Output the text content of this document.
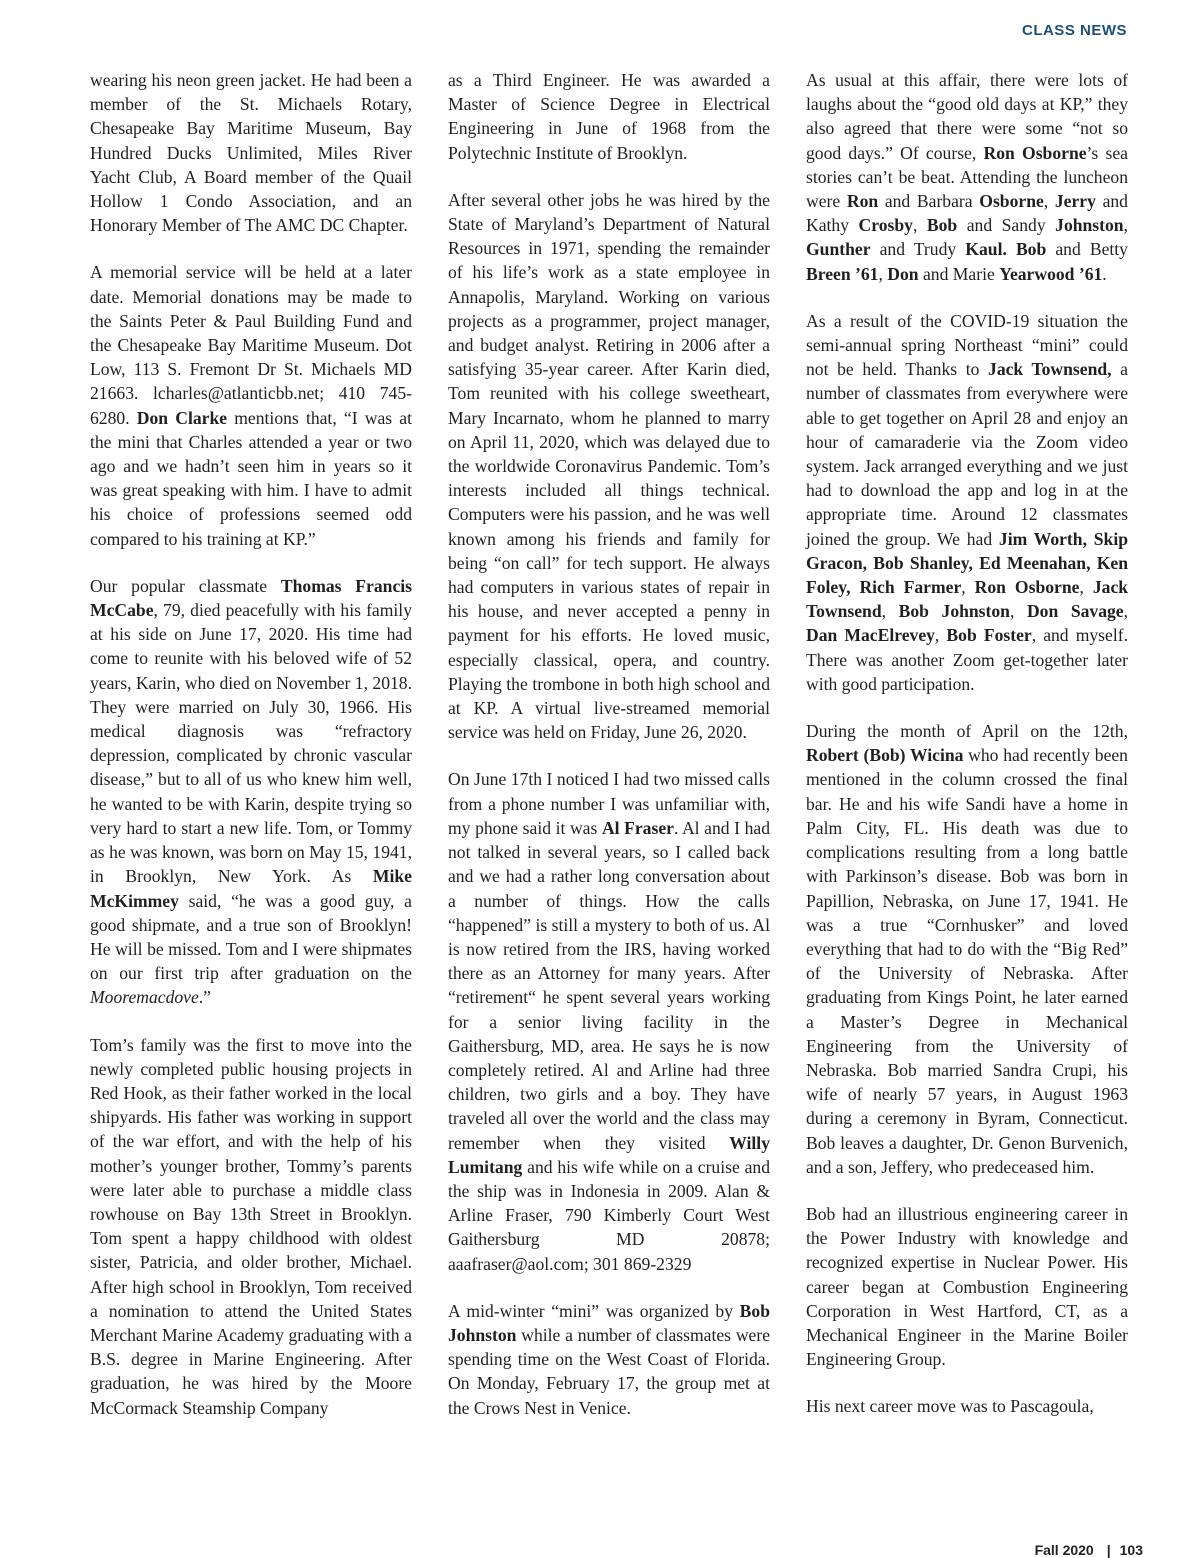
CLASS NEWS

wearing his neon green jacket. He had been a member of the St. Michaels Rotary, Chesapeake Bay Maritime Museum, Bay Hundred Ducks Unlimited, Miles River Yacht Club, A Board member of the Quail Hollow 1 Condo Association, and an Honorary Member of The AMC DC Chapter.

A memorial service will be held at a later date. Memorial donations may be made to the Saints Peter & Paul Building Fund and the Chesapeake Bay Maritime Museum. Dot Low, 113 S. Fremont Dr St. Michaels MD 21663. lcharles@atlanticbb.net; 410 745-6280. Don Clarke mentions that, “I was at the mini that Charles attended a year or two ago and we hadn’t seen him in years so it was great speaking with him. I have to admit his choice of professions seemed odd compared to his training at KP.”

Our popular classmate Thomas Francis McCabe, 79, died peacefully with his family at his side on June 17, 2020. His time had come to reunite with his beloved wife of 52 years, Karin, who died on November 1, 2018. They were married on July 30, 1966. His medical diagnosis was “refractory depression, complicated by chronic vascular disease,” but to all of us who knew him well, he wanted to be with Karin, despite trying so very hard to start a new life. Tom, or Tommy as he was known, was born on May 15, 1941, in Brooklyn, New York. As Mike McKimmey said, “he was a good guy, a good shipmate, and a true son of Brooklyn! He will be missed. Tom and I were shipmates on our first trip after graduation on the Mooremacdove.”

Tom’s family was the first to move into the newly completed public housing projects in Red Hook, as their father worked in the local shipyards. His father was working in support of the war effort, and with the help of his mother’s younger brother, Tommy’s parents were later able to purchase a middle class rowhouse on Bay 13th Street in Brooklyn. Tom spent a happy childhood with oldest sister, Patricia, and older brother, Michael. After high school in Brooklyn, Tom received a nomination to attend the United States Merchant Marine Academy graduating with a B.S. degree in Marine Engineering. After graduation, he was hired by the Moore McCormack Steamship Company

as a Third Engineer. He was awarded a Master of Science Degree in Electrical Engineering in June of 1968 from the Polytechnic Institute of Brooklyn.

After several other jobs he was hired by the State of Maryland’s Department of Natural Resources in 1971, spending the remainder of his life’s work as a state employee in Annapolis, Maryland. Working on various projects as a programmer, project manager, and budget analyst. Retiring in 2006 after a satisfying 35-year career. After Karin died, Tom reunited with his college sweetheart, Mary Incarnato, whom he planned to marry on April 11, 2020, which was delayed due to the worldwide Coronavirus Pandemic. Tom’s interests included all things technical. Computers were his passion, and he was well known among his friends and family for being “on call” for tech support. He always had computers in various states of repair in his house, and never accepted a penny in payment for his efforts. He loved music, especially classical, opera, and country. Playing the trombone in both high school and at KP. A virtual live-streamed memorial service was held on Friday, June 26, 2020.

On June 17th I noticed I had two missed calls from a phone number I was unfamiliar with, my phone said it was Al Fraser. Al and I had not talked in several years, so I called back and we had a rather long conversation about a number of things. How the calls “happened” is still a mystery to both of us. Al is now retired from the IRS, having worked there as an Attorney for many years. After “retirement“ he spent several years working for a senior living facility in the Gaithersburg, MD, area. He says he is now completely retired. Al and Arline had three children, two girls and a boy. They have traveled all over the world and the class may remember when they visited Willy Lumitang and his wife while on a cruise and the ship was in Indonesia in 2009. Alan & Arline Fraser, 790 Kimberly Court West Gaithersburg MD 20878; aaafraser@aol.com; 301 869-2329

A mid-winter “mini” was organized by Bob Johnston while a number of classmates were spending time on the West Coast of Florida. On Monday, February 17, the group met at the Crows Nest in Venice.

As usual at this affair, there were lots of laughs about the “good old days at KP,” they also agreed that there were some “not so good days.” Of course, Ron Osborne’s sea stories can’t be beat. Attending the luncheon were Ron and Barbara Osborne, Jerry and Kathy Crosby, Bob and Sandy Johnston, Gunther and Trudy Kaul. Bob and Betty Breen ’61, Don and Marie Yearwood ’61.

As a result of the COVID-19 situation the semi-annual spring Northeast “mini” could not be held. Thanks to Jack Townsend, a number of classmates from everywhere were able to get together on April 28 and enjoy an hour of camaraderie via the Zoom video system. Jack arranged everything and we just had to download the app and log in at the appropriate time. Around 12 classmates joined the group. We had Jim Worth, Skip Gracon, Bob Shanley, Ed Meenahan, Ken Foley, Rich Farmer, Ron Osborne, Jack Townsend, Bob Johnston, Don Savage, Dan MacElrevey, Bob Foster, and myself. There was another Zoom get-together later with good participation.

During the month of April on the 12th, Robert (Bob) Wicina who had recently been mentioned in the column crossed the final bar. He and his wife Sandi have a home in Palm City, FL. His death was due to complications resulting from a long battle with Parkinson’s disease. Bob was born in Papillion, Nebraska, on June 17, 1941. He was a true “Cornhusker” and loved everything that had to do with the “Big Red” of the University of Nebraska. After graduating from Kings Point, he later earned a Master’s Degree in Mechanical Engineering from the University of Nebraska. Bob married Sandra Crupi, his wife of nearly 57 years, in August 1963 during a ceremony in Byram, Connecticut. Bob leaves a daughter, Dr. Genon Burvenich, and a son, Jeffery, who predeceased him.

Bob had an illustrious engineering career in the Power Industry with knowledge and recognized expertise in Nuclear Power. His career began at Combustion Engineering Corporation in West Hartford, CT, as a Mechanical Engineer in the Marine Boiler Engineering Group.

His next career move was to Pascagoula,

Fall 2020 | 103
